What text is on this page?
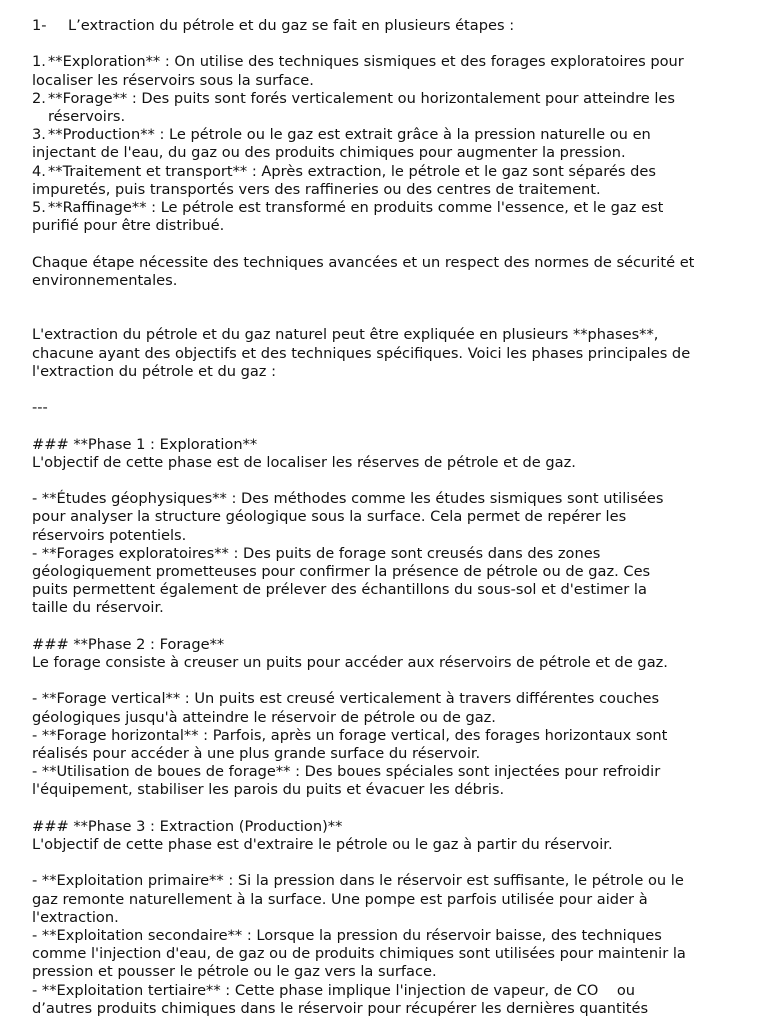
1-	L’extraction du pétrole et du gaz se fait en plusieurs étapes :
1. **Exploration** : On utilise des techniques sismiques et des forages exploratoires pour

localiser les réservoirs sous la surface.

2. **Forage** : Des puits sont forés verticalement ou horizontalement pour atteindre les

réservoirs.

3. **Production** : Le pétrole ou le gaz est extrait grâce à la pression naturelle ou en

injectant de l'eau, du gaz ou des produits chimiques pour augmenter la pression.

4. **Traitement et transport** : Après extraction, le pétrole et le gaz sont séparés des

impuretés, puis transportés vers des raffineries ou des centres de traitement.

5. **Raffinage** : Le pétrole est transformé en produits comme l'essence, et le gaz est

purifié pour être distribué.

Chaque étape nécessite des techniques avancées et un respect des normes de sécurité et

environnementales.

L'extraction du pétrole et du gaz naturel peut être expliquée en plusieurs **phases**,

chacune ayant des objectifs et des techniques spécifiques. Voici les phases principales de

l'extraction du pétrole et du gaz :

---

### **Phase 1 : Exploration**

L'objectif de cette phase est de localiser les réserves de pétrole et de gaz.

- **Études géophysiques** : Des méthodes comme les études sismiques sont utilisées

pour analyser la structure géologique sous la surface. Cela permet de repérer les

réservoirs potentiels.

- **Forages exploratoires** : Des puits de forage sont creusés dans des zones

géologiquement prometteuses pour confirmer la présence de pétrole ou de gaz. Ces

puits permettent également de prélever des échantillons du sous-sol et d'estimer la

taille du réservoir.

### **Phase 2 : Forage**

Le forage consiste à creuser un puits pour accéder aux réservoirs de pétrole et de gaz.

- **Forage vertical** : Un puits est creusé verticalement à travers différentes couches

géologiques jusqu'à atteindre le réservoir de pétrole ou de gaz.

- **Forage horizontal** : Parfois, après un forage vertical, des forages horizontaux sont

réalisés pour accéder à une plus grande surface du réservoir.

- **Utilisation de boues de forage** : Des boues spéciales sont injectées pour refroidir

l'équipement, stabiliser les parois du puits et évacuer les débris.

### **Phase 3 : Extraction (Production)**

L'objectif de cette phase est d'extraire le pétrole ou le gaz à partir du réservoir.

- **Exploitation primaire** : Si la pression dans le réservoir est suffisante, le pétrole ou le

gaz remonte naturellement à la surface. Une pompe est parfois utilisée pour aider à

l'extraction.

- **Exploitation secondaire** : Lorsque la pression du réservoir baisse, des techniques

comme l'injection d'eau, de gaz ou de produits chimiques sont utilisées pour maintenir la

pression et pousser le pétrole ou le gaz vers la surface.

- **Exploitation tertiaire** : Cette phase implique l'injection de vapeur, de CO    ou

d’autres produits chimiques dans le réservoir pour récupérer les dernières quantités
